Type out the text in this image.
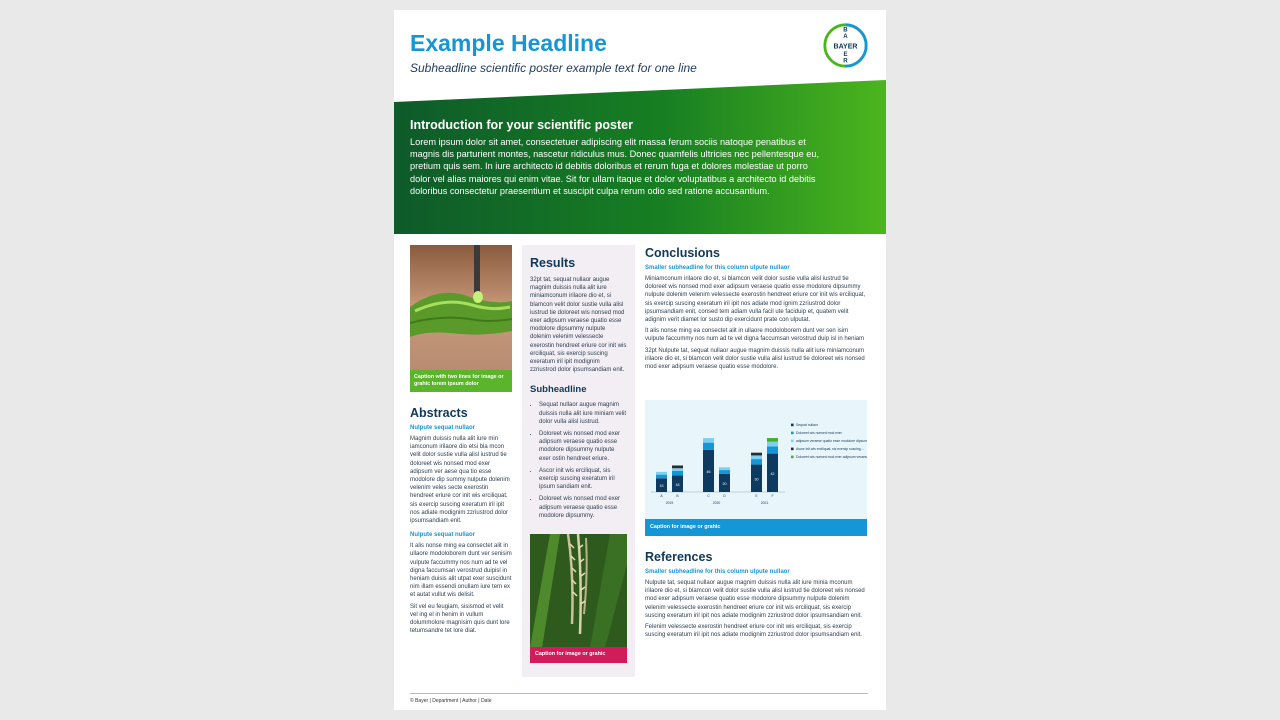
Example Headline
Subheadline scientific poster example text for one line
BAYER
B
A
E
R
Introduction for your scientific poster

Lorem ipsum dolor sit amet, consectetuer adipiscing elit massa ferum sociis natoque penatibus et magnis dis parturient montes, nascetur ridiculus mus. Donec quamfelis ultricies nec pellentesque eu, pretium quis sem. In iure architecto id debitis doloribus et rerum fuga et dolores molestiae ut porro dolor vel alias maiores qui enim vitae. Sit for ullam itaque et dolor voluptatibus a architecto id debitis doloribus consectetur praesentium et suscipit culpa rerum odio sed ratione accusantium.

Caption with two lines for image or grahic lorem ipsum dolor
Abstracts
Nulpute sequat nullaor

Magnim duissis nulla alit iure min iamconum irilaore dio etsi bla mcon velit dolor sustie vulla alisl iustrud tie doloreet wis nonsed mod exer adipsum ver aese qua tio esse modolore dip summy nulpute dolenim velenim veles secte exerostin hendreet eriure cor init wis erciliquat, sis exercip suscing exeratum iril ipit nos adiate modignim zzriustrod dolor ipsumsandiam enit.

Nulpute sequat nullaor

It alis nonse ming ea consectet alit in ullaore modoloborem dunt ver senisim vulpute faccummy nos num ad te vel digna faccumsan verostrud duipisl in heniam duisis alit utpat exer suscidunt nim illam essendi onullam iure tem ex et autat vullut wis delisit.

Sit vel eu feugiam, sisismod et velit vel ing el in henim in vullum dolummolore magnisim quis dunt lore tetumsandre tet lore diat.

Results

32pt tat, sequat nullaor augue magnim duissis nulla alit iure miniamconum irilaore dio et, si blamcon velit dolor sustie vulla alisl iustrud tie doloreet wis nonsed mod exer adipsum veraese quatio esse modolore dipsummy nulpute dolenim velenim velessecte exerostin hendreet eriure cor init wis erciliquat, sis exercip suscing exeratum iril ipit modignim zzriustrod dolor ipsumsandiam enit.

Subheadline
• Sequat nullaor augue magnim duissis nulla alit iure miniam velit dolor vulla alisl iustrud.
• Doloreet wis nonsed mod exer adipsum veraese quatio esse modolore dipsummy nulpute exer ostin hendreet eriure.
• Ascor init wis erciliquat, sis exercip suscing exeratum iril ipsum sandiam enit.
• Doloreet wis nonsed mod exer adipsum veraese quatio esse modolore dipsummy.
Caption for image or grahic
Conclusions
Smaller subheadline for this column ulpute nullaor

Miniamconum irilaore dio et, si blamcon velit dolor sustie vulla alisl iustrud tie doloreet wis nonsed mod exer adipsum veraese quatio esse modolore dipsummy nulpute dolenim velenim velessecte exerostin hendreet eriure cor init wis erciliquat, sis exercip suscing exeratum iril ipit nos adiate mod ignim zzriustrod dolor ipsumsandiam enit, consed tem adiam vulla facil ute faciduip et, quatem velit adignim verit diamet lor susto dip exercidunt prate con ulputat.

It alis nonse ming ea consectet alit in ullaore modoloborem dunt ver sen isim vulpute faccummy nos num ad te vel digna faccumsan verostrud duip isl in heniam

32pt Nulpute tat, sequat nullaor augue magnim duissis nulla alit iure miniamconum irilaore dio et, si blamcon velit dolor sustie vulla alisl iustrud tie doloreet wis nonsed mod exer adipsum veraese quatio esse modolore.

15
A
18
B
46
C
20
D
30
E
42
F
2019	2020	2021
Sequat nullaor
Doloreet wis nonsed mod exer
adipsum veraese quatio esse modolore dipsummy
Ascor init wis erciliquat, sis exercip suscing…
Doloreet wis nonsed mod exer adipsum veraese q…
Caption for image or grahic
References
Smaller subheadline for this column ulpute nullaor

Nulpute tat, sequat nullaor augue magnim duissis nulla alit iure minia mconum irilaore dio et, si blamcon velit dolor sustie vulla alisl iustrud tie doloreet wis nonsed mod exer adipsum veraese quatio esse modolore dipsummy nulpute dolenim velenim velessecte exerostin hendreet eriure cor init wis erciliquat, sis exercip suscing exeratum iril ipit nos adiate modignim zzriustrod dolor ipsumsandiam enit.

Felenim velessecte exerostin hendreet eriure cor init wis erciliquat, sis exercip suscing exeratum iril ipit nos adiate modignim zzriustrod dolor ipsumsandiam enit.

© Bayer | Department | Author | Date
